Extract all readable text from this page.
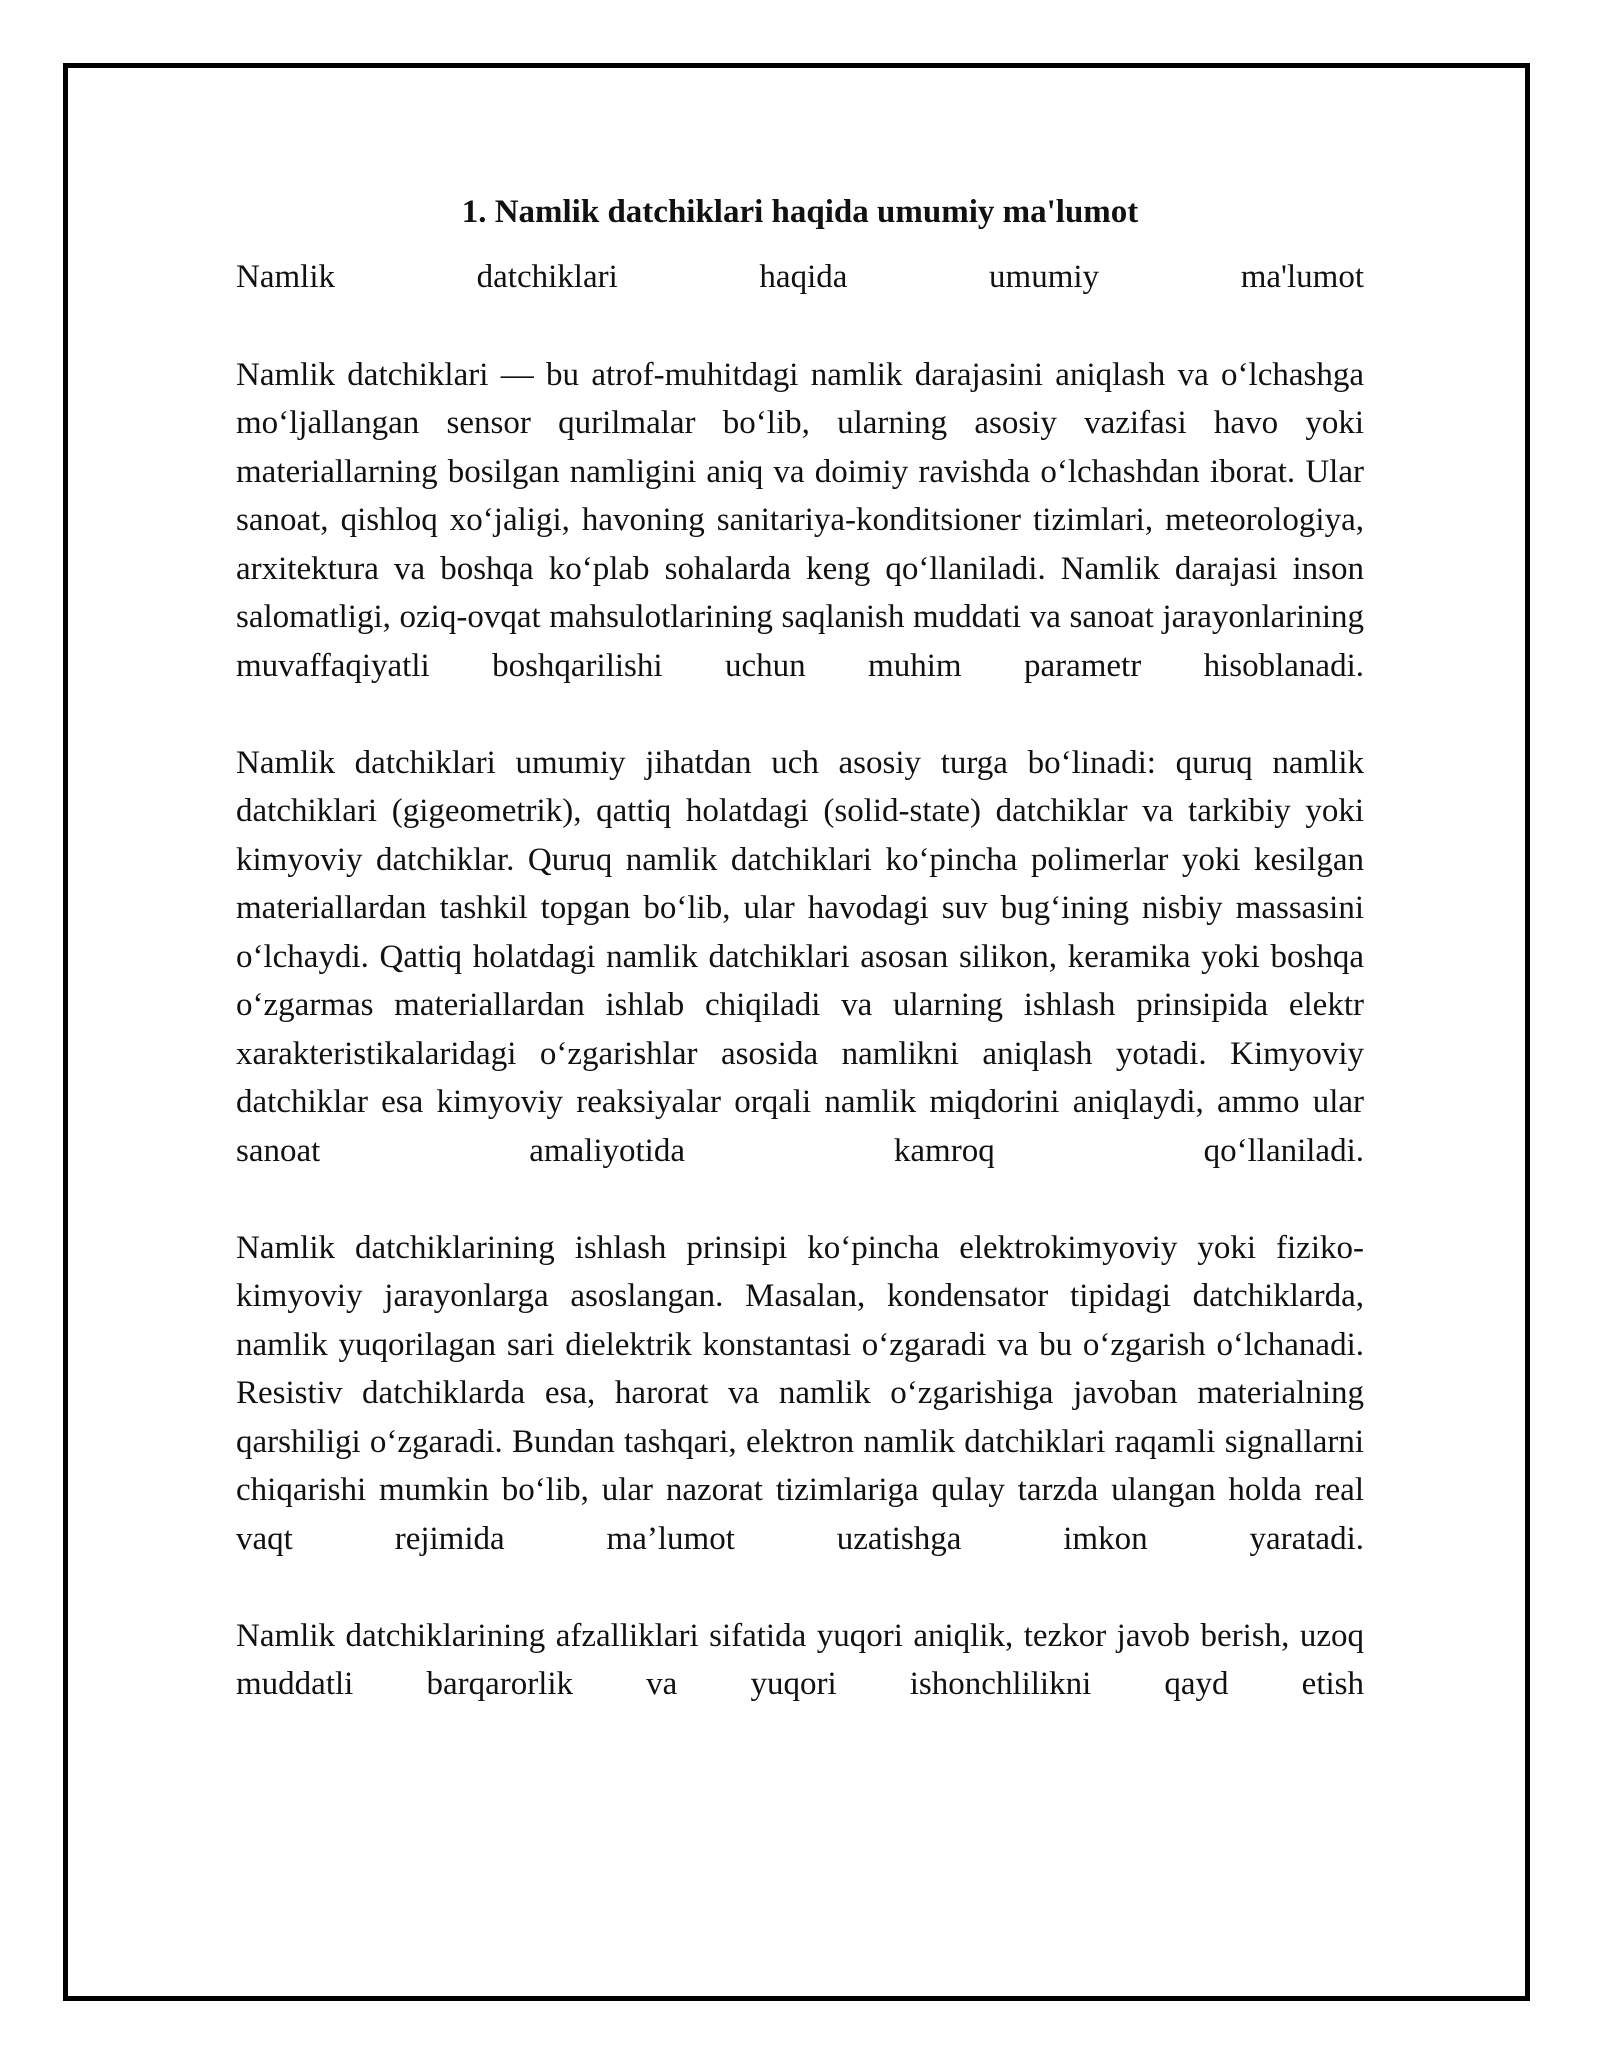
1. Namlik datchiklari haqida umumiy ma'lumot

Namlik datchiklari haqida umumiy ma'lumot

Namlik datchiklari — bu atrof-muhitdagi namlik darajasini aniqlash va o‘lchashga mo‘ljallangan sensor qurilmalar bo‘lib, ularning asosiy vazifasi havo yoki materiallarning bosilgan namligini aniq va doimiy ravishda o‘lchashdan iborat. Ular sanoat, qishloq xo‘jaligi, havoning sanitariya-konditsioner tizimlari, meteorologiya, arxitektura va boshqa ko‘plab sohalarda keng qo‘llaniladi. Namlik darajasi inson salomatligi, oziq-ovqat mahsulotlarining saqlanish muddati va sanoat jarayonlarining muvaffaqiyatli boshqarilishi uchun muhim parametr hisoblanadi.

Namlik datchiklari umumiy jihatdan uch asosiy turga bo‘linadi: quruq namlik datchiklari (gigeometrik), qattiq holatdagi (solid-state) datchiklar va tarkibiy yoki kimyoviy datchiklar. Quruq namlik datchiklari ko‘pincha polimerlar yoki kesilgan materiallardan tashkil topgan bo‘lib, ular havodagi suv bug‘ining nisbiy massasini o‘lchaydi. Qattiq holatdagi namlik datchiklari asosan silikon, keramika yoki boshqa o‘zgarmas materiallardan ishlab chiqiladi va ularning ishlash prinsipida elektr xarakteristikalaridagi o‘zgarishlar asosida namlikni aniqlash yotadi. Kimyoviy datchiklar esa kimyoviy reaksiyalar orqali namlik miqdorini aniqlaydi, ammo ular sanoat amaliyotida kamroq qo‘llaniladi.

Namlik datchiklarining ishlash prinsipi ko‘pincha elektrokimyoviy yoki fiziko-kimyoviy jarayonlarga asoslangan. Masalan, kondensator tipidagi datchiklarda, namlik yuqorilagan sari dielektrik konstantasi o‘zgaradi va bu o‘zgarish o‘lchanadi. Resistiv datchiklarda esa, harorat va namlik o‘zgarishiga javoban materialning qarshiligi o‘zgaradi. Bundan tashqari, elektron namlik datchiklari raqamli signallarni chiqarishi mumkin bo‘lib, ular nazorat tizimlariga qulay tarzda ulangan holda real vaqt rejimida ma’lumot uzatishga imkon yaratadi.

Namlik datchiklarining afzalliklari sifatida yuqori aniqlik, tezkor javob berish, uzoq muddatli barqarorlik va yuqori ishonchlilikni qayd etish
